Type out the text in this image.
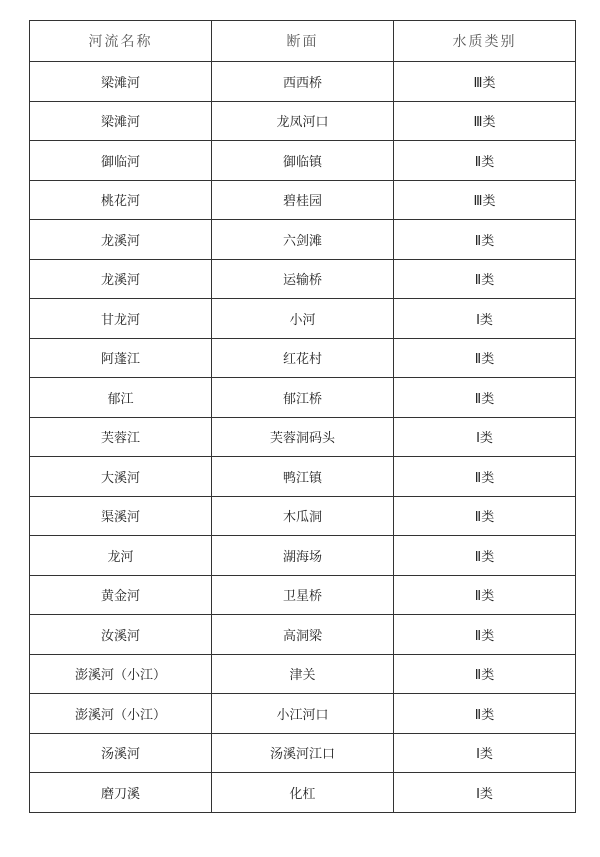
河流名称	断面	水质类别
梁滩河	西西桥	Ⅲ类
梁滩河	龙凤河口	Ⅲ类
御临河	御临镇	Ⅱ类
桃花河	碧桂园	Ⅲ类
龙溪河	六剑滩	Ⅱ类
龙溪河	运输桥	Ⅱ类
甘龙河	小河	Ⅰ类
阿蓬江	红花村	Ⅱ类
郁江	郁江桥	Ⅱ类
芙蓉江	芙蓉洞码头	Ⅰ类
大溪河	鸭江镇	Ⅱ类
渠溪河	木瓜洞	Ⅱ类
龙河	湖海场	Ⅱ类
黄金河	卫星桥	Ⅱ类
汝溪河	高洞梁	Ⅱ类
澎溪河（小江）	津关	Ⅱ类
澎溪河（小江）	小江河口	Ⅱ类
汤溪河	汤溪河江口	Ⅰ类
磨刀溪	化杠	Ⅰ类
